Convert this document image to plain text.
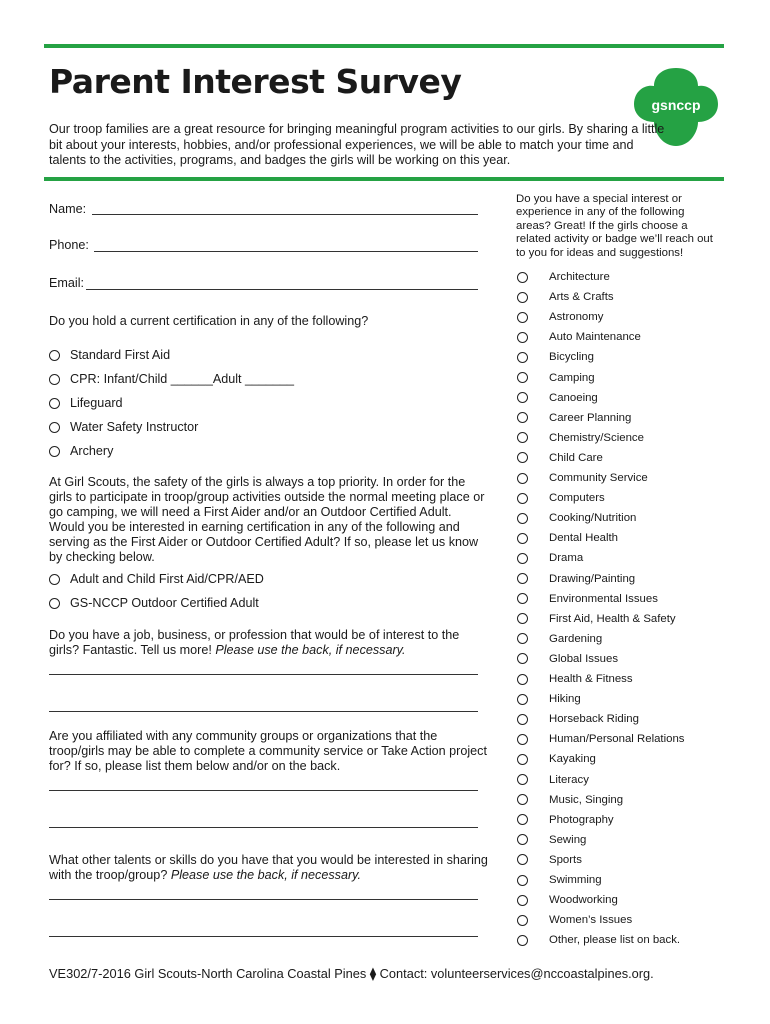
Parent Interest Survey
gsnccp
Our troop families are a great resource for bringing meaningful program activities to our girls. By sharing a little bit about your interests, hobbies, and/or professional experiences, we will be able to match your time and talents to the activities, programs, and badges the girls will be working on this year.
Name:
Phone:
Email:
Do you hold a current certification in any of the following?
Standard First Aid
CPR: Infant/Child ______Adult _______
Lifeguard
Water Safety Instructor
Archery
At Girl Scouts, the safety of the girls is always a top priority. In order for the girls to participate in troop/group activities outside the normal meeting place or go camping, we will need a First Aider and/or an Outdoor Certified Adult. Would you be interested in earning certification in any of the following and serving as the First Aider or Outdoor Certified Adult? If so, please let us know by checking below.
Adult and Child First Aid/CPR/AED
GS-NCCP Outdoor Certified Adult
Do you have a job, business, or profession that would be of interest to the girls? Fantastic. Tell us more! Please use the back, if necessary.
Are you affiliated with any community groups or organizations that the troop/girls may be able to complete a community service or Take Action project for? If so, please list them below and/or on the back.
What other talents or skills do you have that you would be interested in sharing with the troop/group? Please use the back, if necessary.
Do you have a special interest or experience in any of the following areas? Great! If the girls choose a related activity or badge we’ll reach out to you for ideas and suggestions!
Architecture
Arts & Crafts
Astronomy
Auto Maintenance
Bicycling
Camping
Canoeing
Career Planning
Chemistry/Science
Child Care
Community Service
Computers
Cooking/Nutrition
Dental Health
Drama
Drawing/Painting
Environmental Issues
First Aid, Health & Safety
Gardening
Global Issues
Health & Fitness
Hiking
Horseback Riding
Human/Personal Relations
Kayaking
Literacy
Music, Singing
Photography
Sewing
Sports
Swimming
Woodworking
Women’s Issues
Other, please list on back.
VE302/7-2016 Girl Scouts-North Carolina Coastal Pines ⧫ Contact: volunteerservices@nccoastalpines.org.
